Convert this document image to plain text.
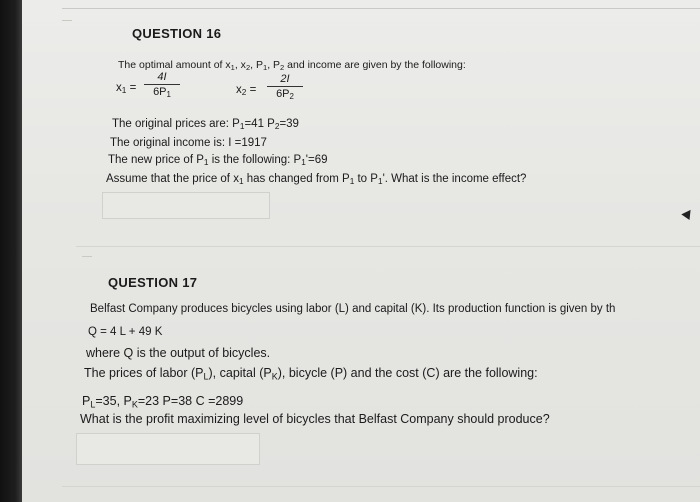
QUESTION 16
The optimal amount of $x_1$, $x_2$, $P_1$, $P_2$ and income are given by the following:
$x_1$ =
4I
$6P_1$	$x_2$ =
2I
$6P_2$
The original prices are: $P_1=41$ $P_2=39$
The original income is: I =1917
The new price of $P_1$ is the following: $P_1'=69$
Assume that the price of $x_1$ has changed from $P_1$ to $P_1'$. What is the income effect?
QUESTION 17
Belfast Company produces bicycles using labor (L) and capital (K). Its production function is given by th
Q = 4 L + 49 K
where Q is the output of bicycles.
The prices of labor $(P_L)$, capital $(P_K)$, bicycle (P) and the cost (C) are the following:
$P_L=35$, $P_K=23$ P=38 C =2899
What is the profit maximizing level of bicycles that Belfast Company should produce?
